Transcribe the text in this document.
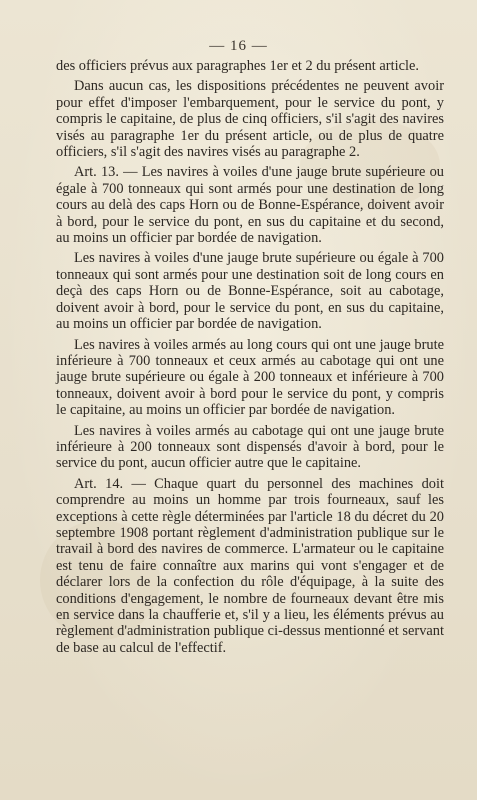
— 16 —

des officiers prévus aux paragraphes 1er et 2 du présent article.

Dans aucun cas, les dispositions précédentes ne peuvent avoir pour effet d'imposer l'embarquement, pour le service du pont, y compris le capitaine, de plus de cinq officiers, s'il s'agit des navires visés au paragraphe 1er du présent article, ou de plus de quatre officiers, s'il s'agit des navires visés au paragraphe 2.

Art. 13. — Les navires à voiles d'une jauge brute supérieure ou égale à 700 tonneaux qui sont armés pour une destination de long cours au delà des caps Horn ou de Bonne-Espérance, doivent avoir à bord, pour le service du pont, en sus du capitaine et du second, au moins un officier par bordée de navigation.

Les navires à voiles d'une jauge brute supérieure ou égale à 700 tonneaux qui sont armés pour une destination soit de long cours en deçà des caps Horn ou de Bonne-Espérance, soit au cabotage, doivent avoir à bord, pour le service du pont, en sus du capitaine, au moins un officier par bordée de navigation.

Les navires à voiles armés au long cours qui ont une jauge brute inférieure à 700 tonneaux et ceux armés au cabotage qui ont une jauge brute supérieure ou égale à 200 tonneaux et inférieure à 700 tonneaux, doivent avoir à bord pour le service du pont, y compris le capitaine, au moins un officier par bordée de navigation.

Les navires à voiles armés au cabotage qui ont une jauge brute inférieure à 200 tonneaux sont dispensés d'avoir à bord, pour le service du pont, aucun officier autre que le capitaine.

Art. 14. — Chaque quart du personnel des machines doit comprendre au moins un homme par trois fourneaux, sauf les exceptions à cette règle déterminées par l'article 18 du décret du 20 septembre 1908 portant règlement d'administration publique sur le travail à bord des navires de commerce. L'armateur ou le capitaine est tenu de faire connaître aux marins qui vont s'engager et de déclarer lors de la confection du rôle d'équipage, à la suite des conditions d'engagement, le nombre de fourneaux devant être mis en service dans la chaufferie et, s'il y a lieu, les éléments prévus au règlement d'administration publique ci-dessus mentionné et servant de base au calcul de l'effectif.
